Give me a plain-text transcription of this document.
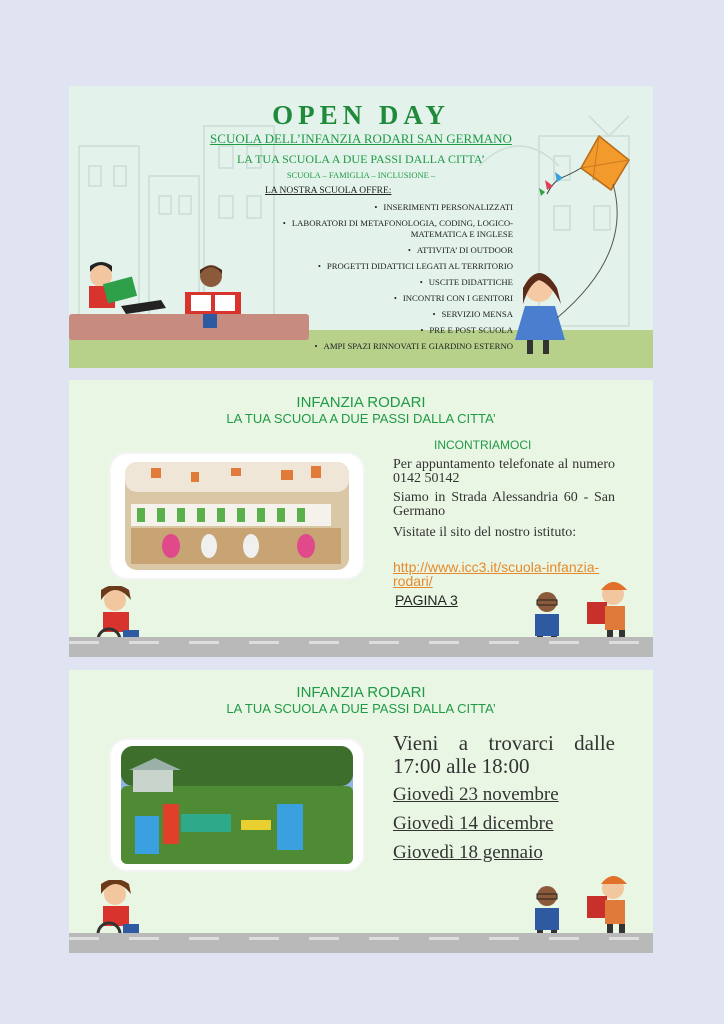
OPEN DAY
SCUOLA DELL’INFANZIA RODARI SAN GERMANO
LA TUA SCUOLA A DUE PASSI DALLA CITTA’
SCUOLA – FAMIGLIA – INCLUSIONE –
LA NOSTRA SCUOLA OFFRE:
• INSERIMENTI PERSONALIZZATI
• LABORATORI DI METAFONOLOGIA, CODING, LOGICO-MATEMATICA E INGLESE
• ATTIVITA’ DI OUTDOOR
• PROGETTI DIDATTICI LEGATI AL TERRITORIO
• USCITE DIDATTICHE
• INCONTRI CON I GENITORI
• SERVIZIO MENSA
• PRE E POST SCUOLA
• AMPI SPAZI RINNOVATI E GIARDINO ESTERNO
INFANZIA RODARI
LA TUA SCUOLA A DUE PASSI DALLA CITTA’
INCONTRIAMOCI
Per appuntamento telefonate al numero 0142 50142
Siamo in Strada Alessandria 60 - San Germano
Visitate il sito del nostro istituto:
http://www.icc3.it/scuola-infanzia-rodari/
PAGINA 3
INFANZIA RODARI
LA TUA SCUOLA A DUE PASSI DALLA CITTA’
Vieni a trovarci dalle 17:00 alle 18:00
Giovedì 23 novembre
Giovedì 14 dicembre
Giovedì 18 gennaio
